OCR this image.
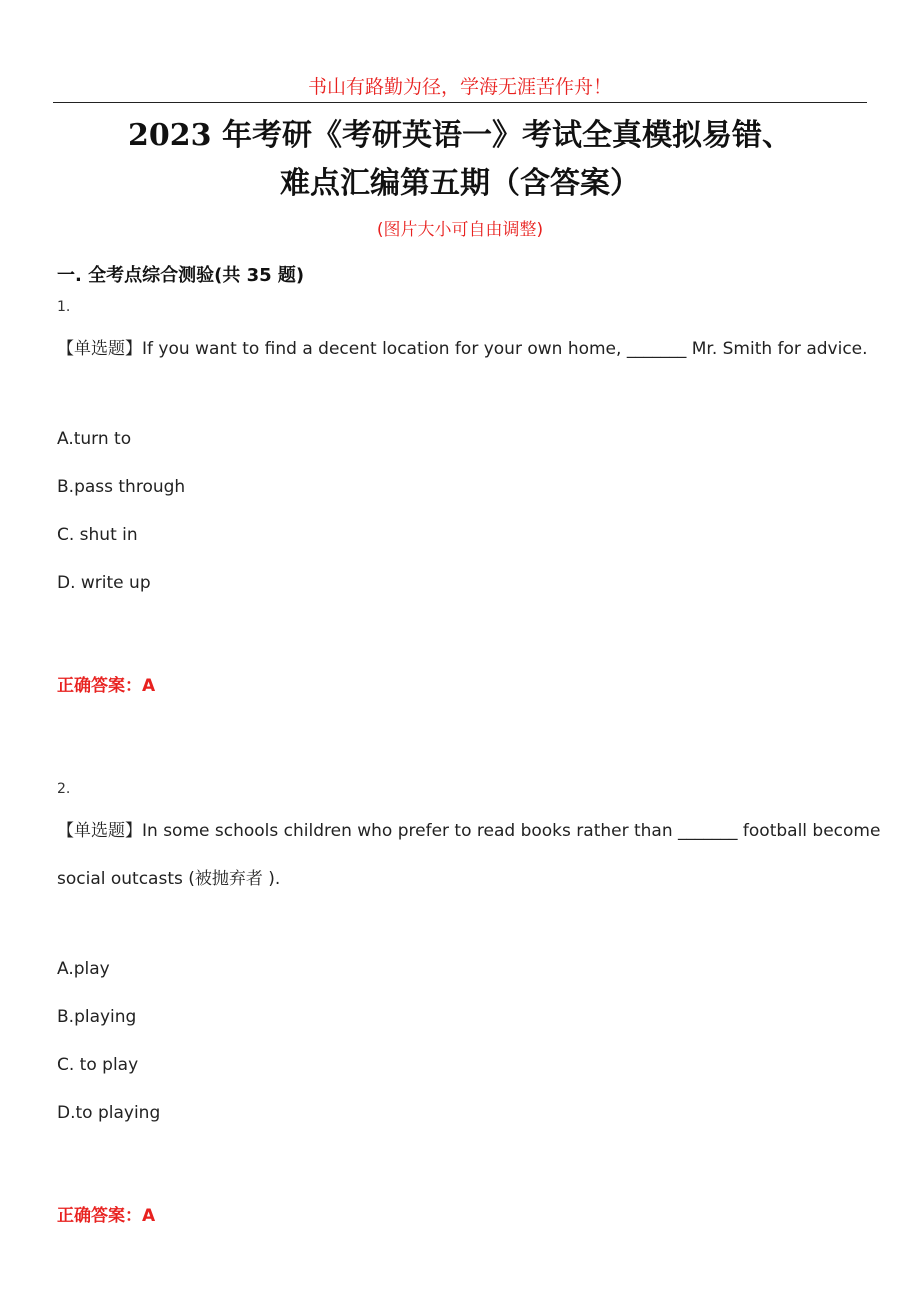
书山有路勤为径，学海无涯苦作舟！
2023 年考研《考研英语一》考试全真模拟易错、
难点汇编第五期（含答案）
(图片大小可自由调整)
一. 全考点综合测验(共 35 题)
1.
【单选题】If you want to find a decent location for your own home, _______ Mr. Smith for advice.
A.turn to
B.pass through
C. shut in
D. write up
正确答案：A
2.
【单选题】In some schools children who prefer to read books rather than _______ football become
social outcasts (被抛弃者 ).
A.play
B.playing
C. to play
D.to playing
正确答案：A
